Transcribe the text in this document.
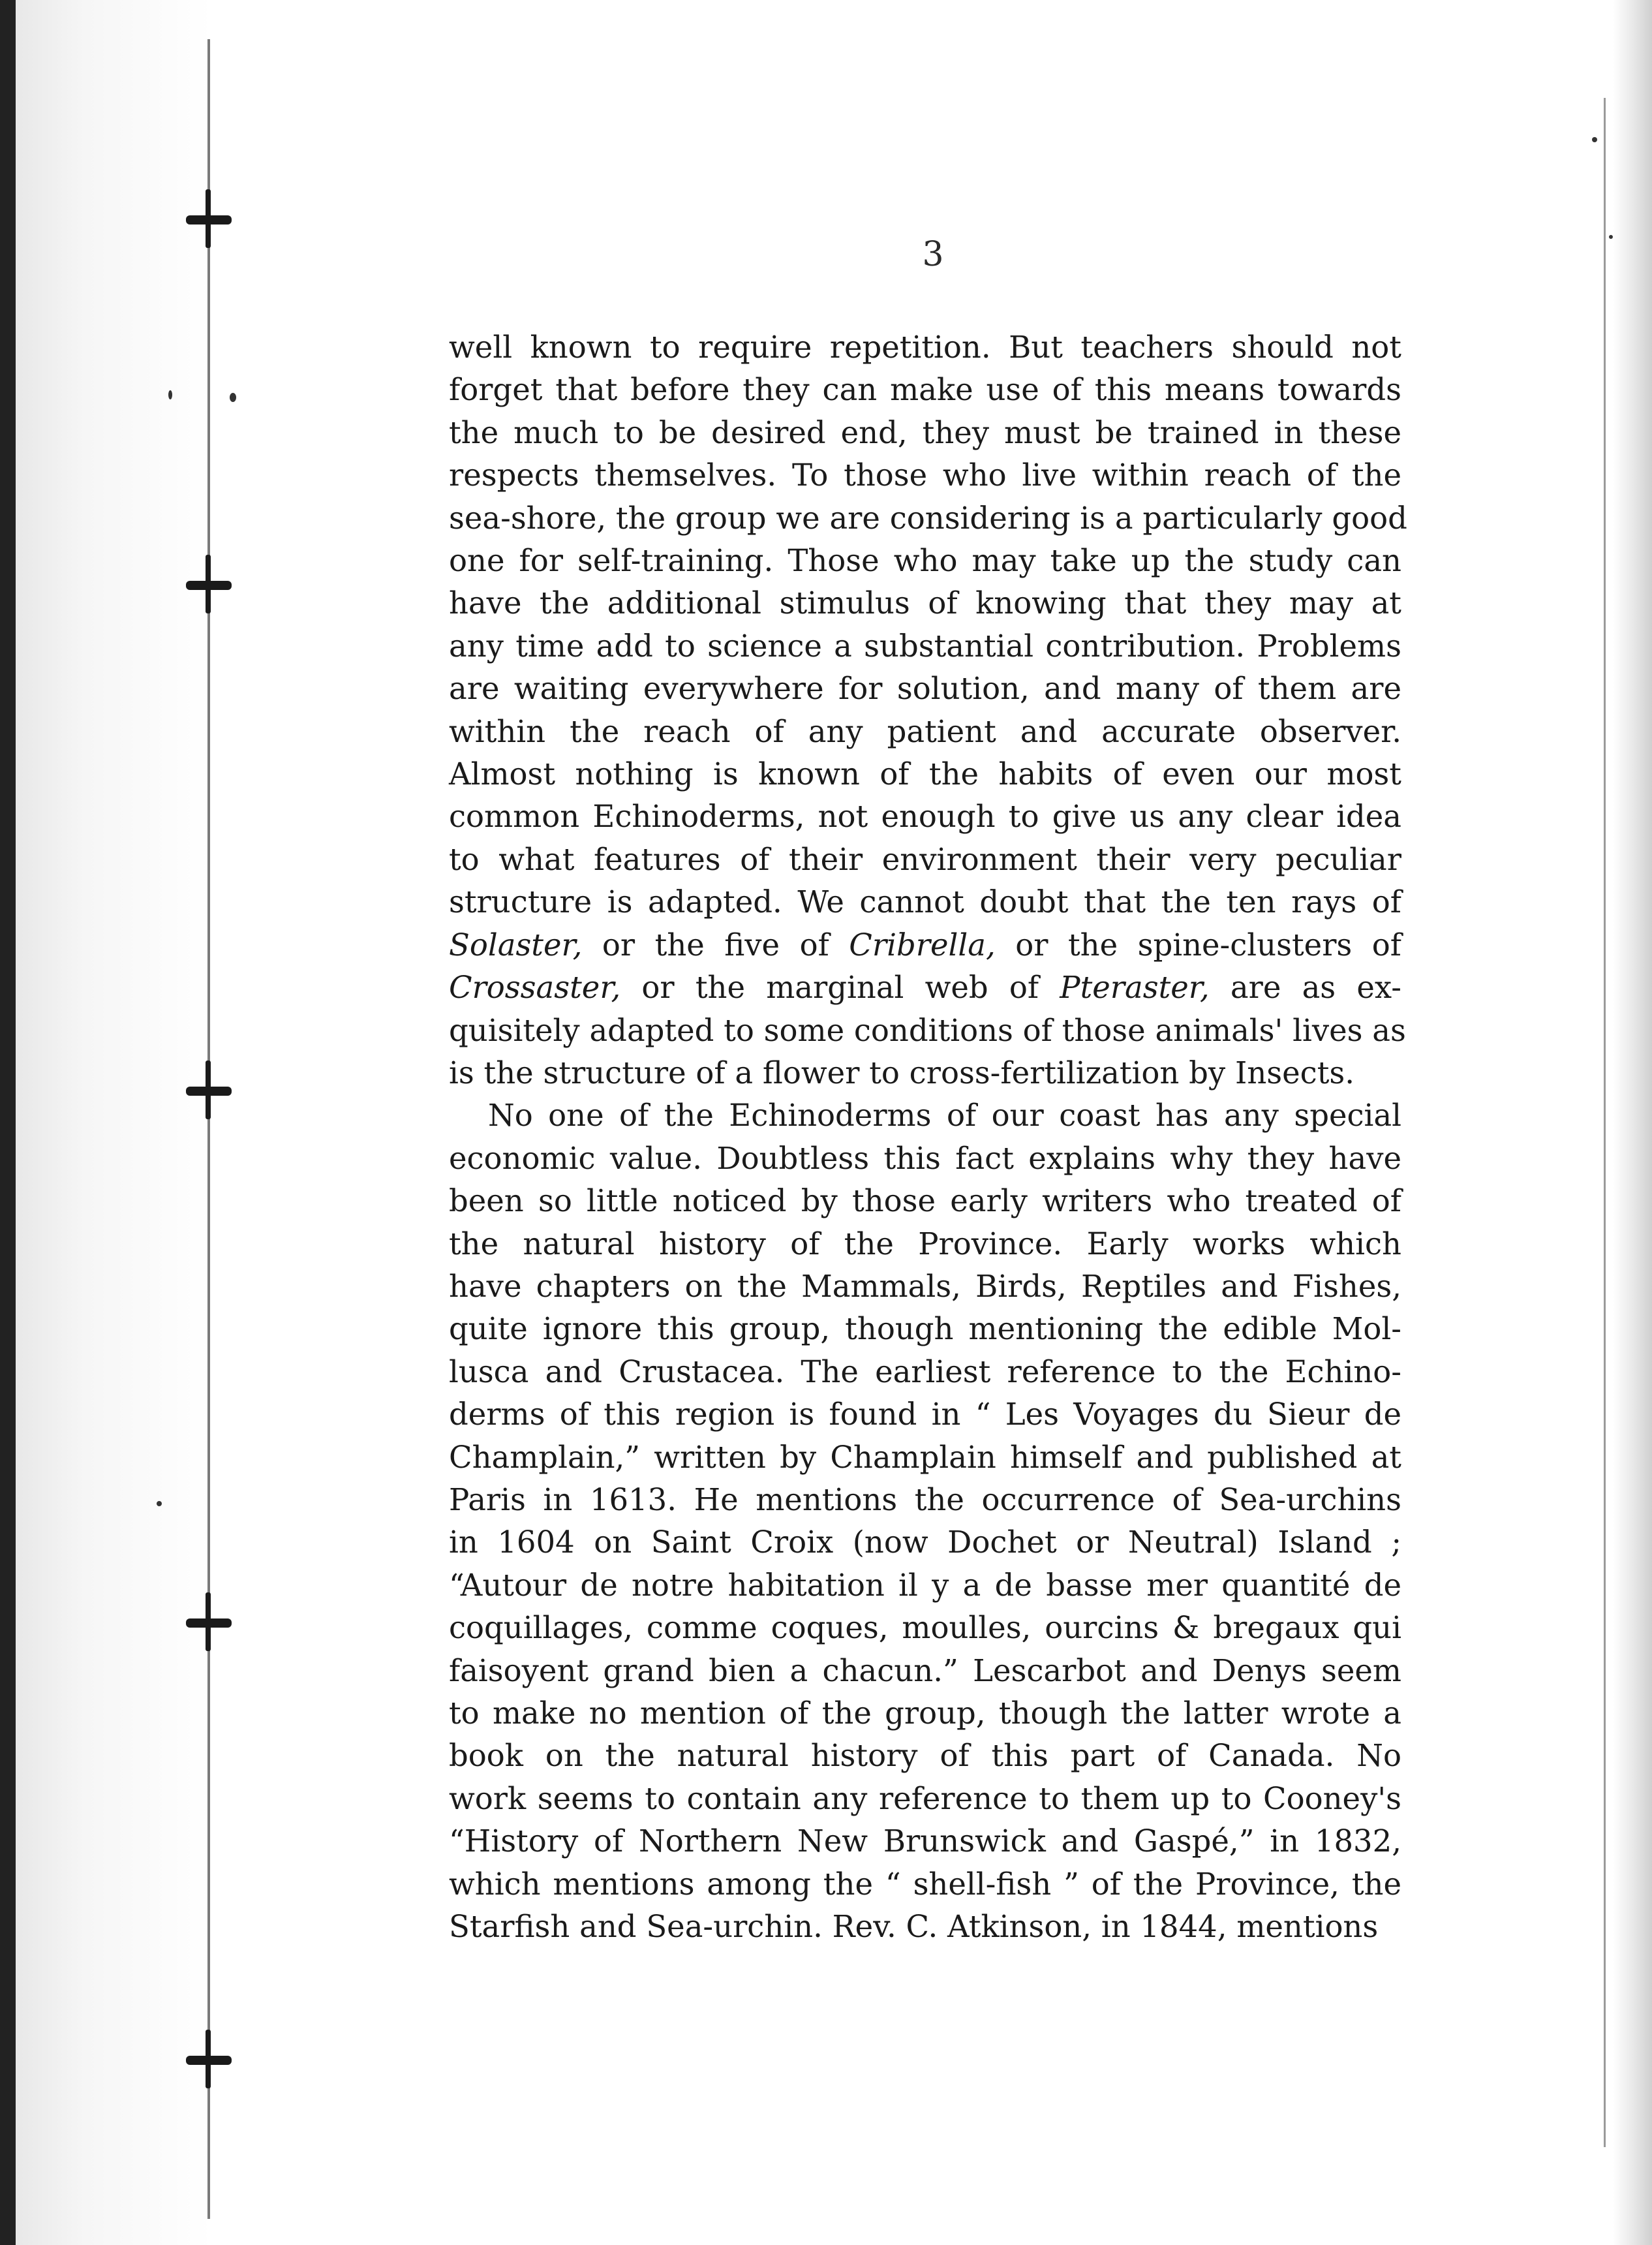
3
well known to require repetition. But teachers should not
forget that before they can make use of this means towards
the much to be desired end, they must be trained in these
respects themselves. To those who live within reach of the
sea-shore, the group we are considering is a particularly good
one for self-training. Those who may take up the study can
have the additional stimulus of knowing that they may at
any time add to science a substantial contribution. Problems
are waiting everywhere for solution, and many of them are
within the reach of any patient and accurate observer.
Almost nothing is known of the habits of even our most
common Echinoderms, not enough to give us any clear idea
to what features of their environment their very peculiar
structure is adapted. We cannot doubt that the ten rays of
Solaster, or the five of Cribrella, or the spine-clusters of
Crossaster, or the marginal web of Pteraster, are as ex-
quisitely adapted to some conditions of those animals' lives as
is the structure of a flower to cross-fertilization by Insects.
No one of the Echinoderms of our coast has any special
economic value. Doubtless this fact explains why they have
been so little noticed by those early writers who treated of
the natural history of the Province. Early works which
have chapters on the Mammals, Birds, Reptiles and Fishes,
quite ignore this group, though mentioning the edible Mol-
lusca and Crustacea. The earliest reference to the Echino-
derms of this region is found in “ Les Voyages du Sieur de
Champlain,” written by Champlain himself and published at
Paris in 1613. He mentions the occurrence of Sea-urchins
in 1604 on Saint Croix (now Dochet or Neutral) Island ;
“Autour de notre habitation il y a de basse mer quantité de
coquillages, comme coques, moulles, ourcins & bregaux qui
faisoyent grand bien a chacun.” Lescarbot and Denys seem
to make no mention of the group, though the latter wrote a
book on the natural history of this part of Canada. No
work seems to contain any reference to them up to Cooney's
“History of Northern New Brunswick and Gaspé,” in 1832,
which mentions among the “ shell-fish ” of the Province, the
Starfish and Sea-urchin. Rev. C. Atkinson, in 1844, mentions
